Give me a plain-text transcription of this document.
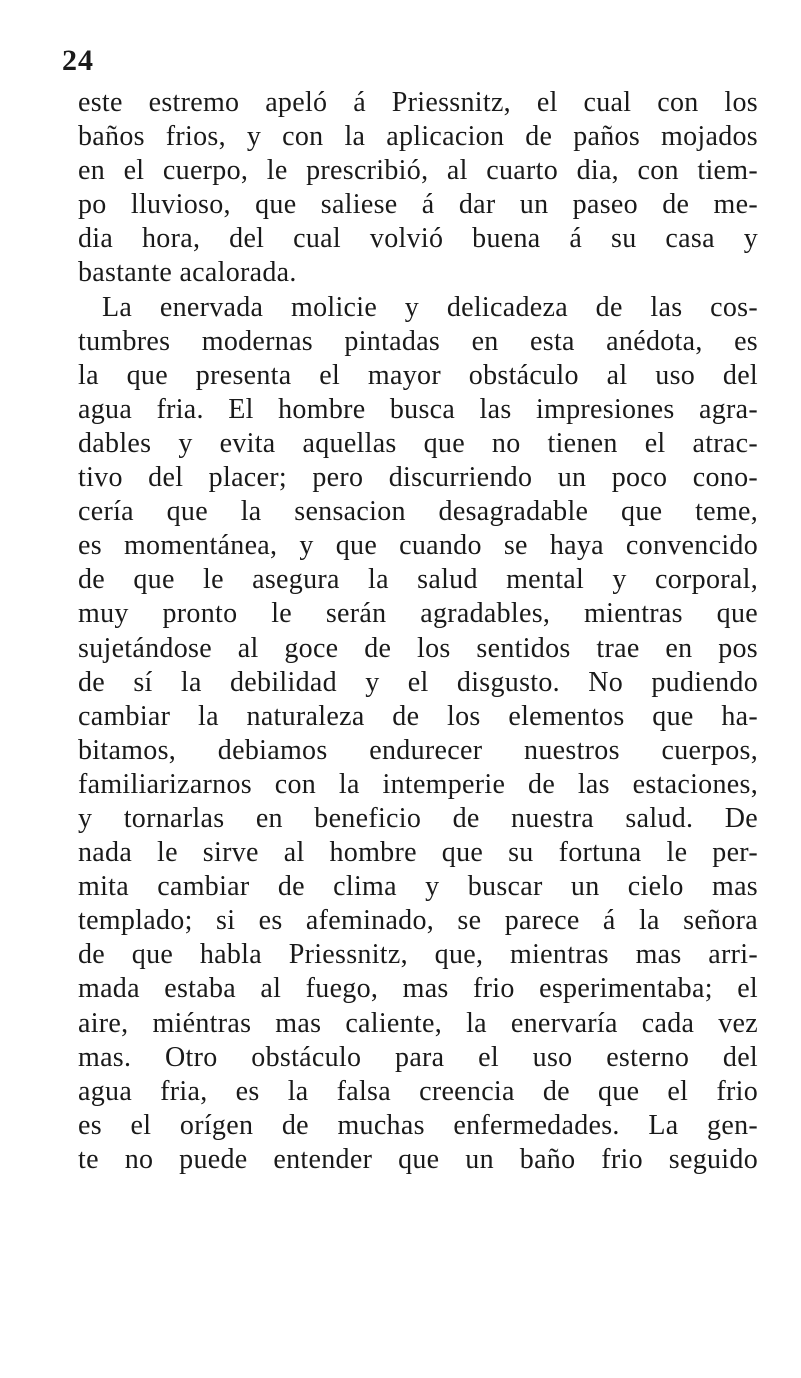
24
este estremo apeló á Priessnitz, el cual con los
baños frios, y con la aplicacion de paños mojados
en el cuerpo, le prescribió, al cuarto dia, con tiem-
po lluvioso, que saliese á dar un paseo de me-
dia hora, del cual volvió buena á su casa y
bastante acalorada.
La enervada molicie y delicadeza de las cos-
tumbres modernas pintadas en esta anédota, es
la que presenta el mayor obstáculo al uso del
agua fria. El hombre busca las impresiones agra-
dables y evita aquellas que no tienen el atrac-
tivo del placer; pero discurriendo un poco cono-
cería que la sensacion desagradable que teme,
es momentánea, y que cuando se haya convencido
de que le asegura la salud mental y corporal,
muy pronto le serán agradables, mientras que
sujetándose al goce de los sentidos trae en pos
de sí la debilidad y el disgusto. No pudiendo
cambiar la naturaleza de los elementos que ha-
bitamos, debiamos endurecer nuestros cuerpos,
familiarizarnos con la intemperie de las estaciones,
y tornarlas en beneficio de nuestra salud. De
nada le sirve al hombre que su fortuna le per-
mita cambiar de clima y buscar un cielo mas
templado; si es afeminado, se parece á la señora
de que habla Priessnitz, que, mientras mas arri-
mada estaba al fuego, mas frio esperimentaba; el
aire, miéntras mas caliente, la enervaría cada vez
mas. Otro obstáculo para el uso esterno del
agua fria, es la falsa creencia de que el frio
es el orígen de muchas enfermedades. La gen-
te no puede entender que un baño frio seguido
